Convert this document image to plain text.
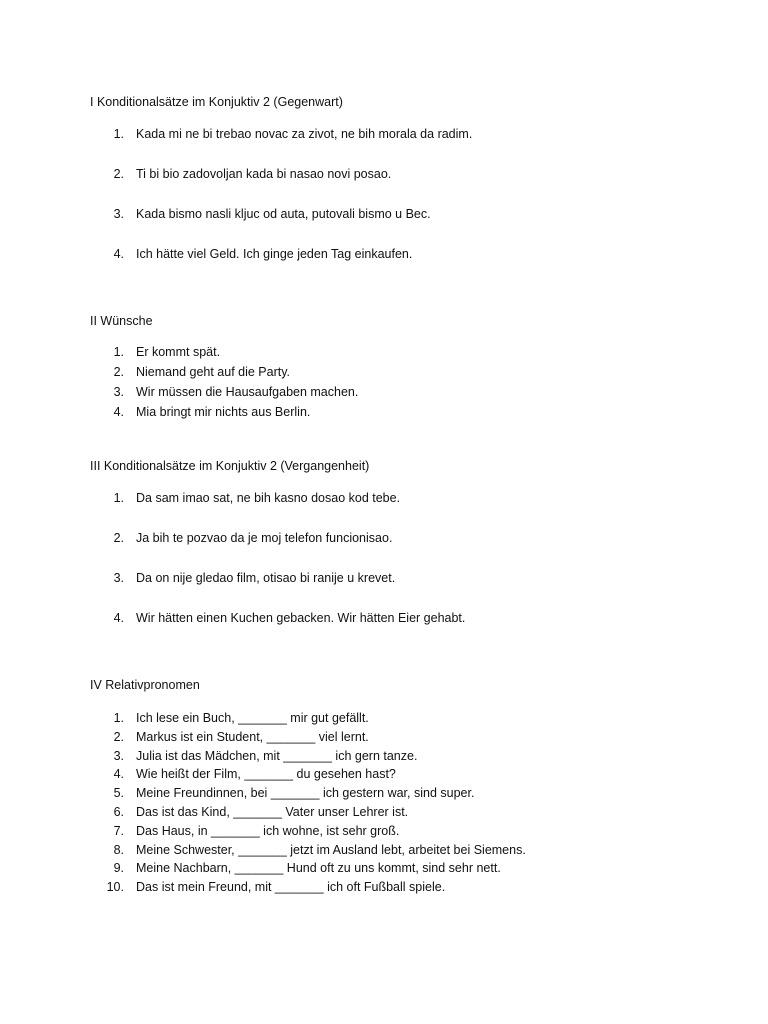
I Konditionalsätze im Konjuktiv 2 (Gegenwart)
1. Kada mi ne bi trebao novac za zivot, ne bih morala da radim.
2. Ti bi bio zadovoljan kada bi nasao novi posao.
3. Kada bismo nasli kljuc od auta, putovali bismo u Bec.
4. Ich hätte viel Geld. Ich ginge jeden Tag einkaufen.
II Wünsche
1. Er kommt spät.
2. Niemand geht auf die Party.
3. Wir müssen die Hausaufgaben machen.
4. Mia bringt mir nichts aus Berlin.
III Konditionalsätze im Konjuktiv 2 (Vergangenheit)
1. Da sam imao sat, ne bih kasno dosao kod tebe.
2. Ja bih te pozvao da je moj telefon funcionisao.
3. Da on nije gledao film, otisao bi ranije u krevet.
4. Wir hätten einen Kuchen gebacken. Wir hätten Eier gehabt.
IV Relativpronomen
1. Ich lese ein Buch, _______ mir gut gefällt.
2. Markus ist ein Student, _______ viel lernt.
3. Julia ist das Mädchen, mit _______ ich gern tanze.
4. Wie heißt der Film, _______ du gesehen hast?
5. Meine Freundinnen, bei _______ ich gestern war, sind super.
6. Das ist das Kind, _______ Vater unser Lehrer ist.
7. Das Haus, in _______ ich wohne, ist sehr groß.
8. Meine Schwester, _______ jetzt im Ausland lebt, arbeitet bei Siemens.
9. Meine Nachbarn, _______ Hund oft zu uns kommt, sind sehr nett.
10. Das ist mein Freund, mit _______ ich oft Fußball spiele.
